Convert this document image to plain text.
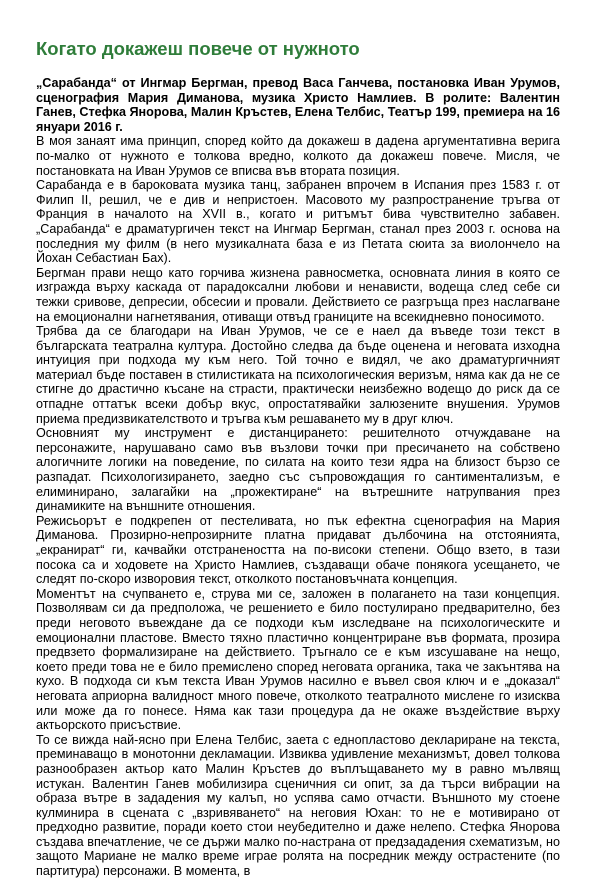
Когато докажеш повече от нужното

„Сарабанда“ от Ингмар Бергман, превод Васа Ганчева, постановка Иван Урумов, сценография Мария Диманова, музика Христо Намлиев. В ролите: Валентин Ганев, Стефка Янорова, Малин Кръстев, Елена Телбис, Театър 199, премиера на 16 януари 2016 г.

В моя занаят има принцип, според който да докажеш в дадена аргументативна верига по-малко от нужното е толкова вредно, колкото да докажеш повече. Мисля, че постановката на Иван Урумов се вписва във втората позиция.

Сарабанда е в бароковата музика танц, забранен впрочем в Испания през 1583 г. от Филип II, решил, че е див и непристоен. Масовото му разпространение тръгва от Франция в началото на XVII в., когато и ритъмът бива чувствително забавен. „Сарабанда“ е драматургичен текст на Ингмар Бергман, станал през 2003 г. основа на последния му филм (в него музикалната база е из Петата сюита за виолончело на Йохан Себастиан Бах).

Бергман прави нещо като горчива жизнена равносметка, основната линия в която се изгражда върху каскада от парадоксални любови и ненависти, водеща след себе си тежки сривове, депресии, обсесии и провали. Действието се разгръща през наслагване на емоционални нагнетявания, отиващи отвъд границите на всекидневно поносимото.

Трябва да се благодари на Иван Урумов, че се е наел да въведе този текст в българската театрална култура. Достойно следва да бъде оценена и неговата изходна интуиция при подхода му към него. Той точно е видял, че ако драматургичният материал бъде поставен в стилистиката на психологическия веризъм, няма как да не се стигне до драстично късане на страсти, практически неизбежно водещо до риск да се отпадне оттатък всеки добър вкус, опростатявайки залюзените внушения. Урумов приема предизвикателството и тръгва към решаването му в друг ключ.

Основният му инструмент е дистанцирането: решителното отчуждаване на персонажите, нарушавано само във възлови точки при пресичането на собствено алогичните логики на поведение, по силата на които тези ядра на близост бързо се разпадат. Психологизирането, заедно със съпровождащия го сантиментализъм, е елиминирано, залагайки на „прожектиране“ на вътрешните натрупвания през динамиките на външните отношения.

Режисьорът е подкрепен от пестеливата, но пък ефектна сценография на Мария Диманова. Прозирно-непрозирните платна придават дълбочина на отстоянията, „екранират“ ги, качвайки отстранеността на по-високи степени. Общо взето, в тази посока са и ходовете на Христо Намлиев, създаващи обаче понякога усещането, че следят по-скоро изворовия текст, отколкото постановъчната концепция.

Моментът на счупването е, струва ми се, заложен в полагането на тази концепция. Позволявам си да предположа, че решението е било постулирано предварително, без преди неговото въвеждане да се подходи към изследване на психологическите и емоционални пластове. Вместо тяхно пластично концентриране във формата, прозира предвзето формализиране на действието. Тръгнало се е към изсушаване на нещо, което преди това не е било премислено според неговата органика, така че закънтява на кухо. В подхода си към текста Иван Урумов насилно е въвел своя ключ и е „доказал“ неговата априорна валидност много повече, отколкото театралното мислене го изисква или може да го понесе. Няма как тази процедура да не окаже въздействие върху актьорското присъствие.

То се вижда най-ясно при Елена Телбис, заета с еднопластово деклариране на текста, преминаващо в монотонни декламации. Извиква удивление механизмът, довел толкова разнообразен актьор като Малин Кръстев до въплъщаването му в равно мълвящ истукан. Валентин Ганев мобилизира сценичния си опит, за да търси вибрации на образа вътре в зададения му калъп, но успява само отчасти. Външното му стоене кулминира в сцената с „взривяването“ на неговия Юхан: то не е мотивирано от предходно развитие, поради което стои неубедително и даже нелепо. Стефка Янорова създава впечатление, че се държи малко по-настрана от предзададения схематизъм, но защото Мариане не малко време играе ролята на посредник между острастените (по партитура) персонажи. В момента, в
